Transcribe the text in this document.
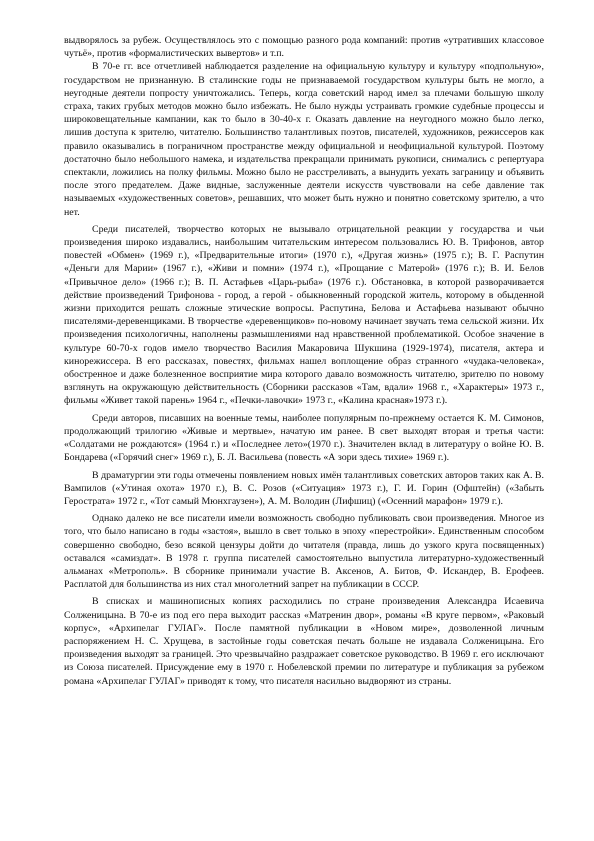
выдворялось за рубеж. Осуществлялось это с помощью разного рода компаний: против «утративших классовое чутьё», против «формалистических вывертов» и т.п.

В 70-е гг. все отчетливей наблюдается разделение на официальную культуру и культуру «подпольную», государством не признанную. В сталинские годы не признаваемой государством культуры быть не могло, а неугодные деятели попросту уничтожались. Теперь, когда советский народ имел за плечами большую школу страха, таких грубых методов можно было избежать. Не было нужды устраивать громкие судебные процессы и широковещательные кампании, как то было в 30-40-х г. Оказать давление на неугодного можно было легко, лишив доступа к зрителю, читателю. Большинство талантливых поэтов, писателей, художников, режиссеров как правило оказывались в пограничном пространстве между официальной и неофициальной культурой. Поэтому достаточно было небольшого намека, и издательства прекращали принимать рукописи, снимались с репертуара спектакли, ложились на полку фильмы. Можно было не расстреливать, а вынудить уехать заграницу и объявить после этого предателем. Даже видные, заслуженные деятели искусств чувствовали на себе давление так называемых «художественных советов», решавших, что может быть нужно и понятно советскому зрителю, а что нет.

Среди писателей, творчество которых не вызывало отрицательной реакции у государства и чьи произведения широко издавались, наибольшим читательским интересом пользовались Ю. В. Трифонов, автор повестей «Обмен» (1969 г.), «Предварительные итоги» (1970 г.), «Другая жизнь» (1975 г.); В. Г. Распутин «Деньги для Марии» (1967 г.), «Живи и помни» (1974 г.), «Прощание с Матерой» (1976 г.); В. И. Белов «Привычное дело» (1966 г.); В. П. Астафьев «Царь-рыба» (1976 г.). Обстановка, в которой разворачивается действие произведений Трифонова - город, а герой - обыкновенный городской житель, которому в обыденной жизни приходится решать сложные этические вопросы. Распутина, Белова и Астафьева называют обычно писателями-деревенщиками. В творчестве «деревенщиков» по-новому начинает звучать тема сельской жизни. Их произведения психологичны, наполнены размышлениями над нравственной проблематикой. Особое значение в культуре 60-70-х годов имело творчество Василия Макаровича Шукшина (1929-1974), писателя, актера и кинорежиссера. В его рассказах, повестях, фильмах нашел воплощение образ странного «чудака-человека», обостренное и даже болезненное восприятие мира которого давало возможность читателю, зрителю по новому взглянуть на окружающую действительность (Сборники рассказов «Там, вдали» 1968 г., «Характеры» 1973 г., фильмы «Живет такой парень» 1964 г., «Печки-лавочки» 1973 г., «Калина красная»1973 г.).

Среди авторов, писавших на военные темы, наиболее популярным по-прежнему остается К. М. Симонов, продолжающий трилогию «Живые и мертвые», начатую им ранее. В свет выходят вторая и третья части: «Солдатами не рождаются» (1964 г.) и «Последнее лето»(1970 г.). Значителен вклад в литературу о войне Ю. В. Бондарева («Горячий снег» 1969 г.), Б. Л. Васильева (повесть «А зори здесь тихие» 1969 г.).

В драматургии эти годы отмечены появлением новых имён талантливых советских авторов таких как А. В. Вампилов («Утиная охота» 1970 г.), В. С. Розов («Ситуация» 1973 г.), Г. И. Горин (Офштейн) («Забыть Герострата» 1972 г., «Тот самый Мюнхгаузен»), А. М. Володин (Лифшиц) («Осенний марафон» 1979 г.).

Однако далеко не все писатели имели возможность свободно публиковать свои произведения. Многое из того, что было написано в годы «застоя», вышло в свет только в эпоху «перестройки». Единственным способом совершенно свободно, безо всякой цензуры дойти до читателя (правда, лишь до узкого круга посвященных) оставался «самиздат». В 1978 г. группа писателей самостоятельно выпустила литературно-художественный альманах «Метрополь». В сборнике принимали участие В. Аксенов, А. Битов, Ф. Искандер, В. Ерофеев. Расплатой для большинства из них стал многолетний запрет на публикации в СССР.

В списках и машинописных копиях расходились по стране произведения Александра Исаевича Солженицына. В 70-е из под его пера выходит рассказ «Матренин двор», романы «В круге первом», «Раковый корпус», «Архипелаг ГУЛАГ». После памятной публикации в «Новом мире», дозволенной личным распоряжением Н. С. Хрущева, в застойные годы советская печать больше не издавала Солженицына. Его произведения выходят за границей. Это чрезвычайно раздражает советское руководство. В 1969 г. его исключают из Союза писателей. Присуждение ему в 1970 г. Нобелевской премии по литературе и публикация за рубежом романа «Архипелаг ГУЛАГ» приводят к тому, что писателя насильно выдворяют из страны.
